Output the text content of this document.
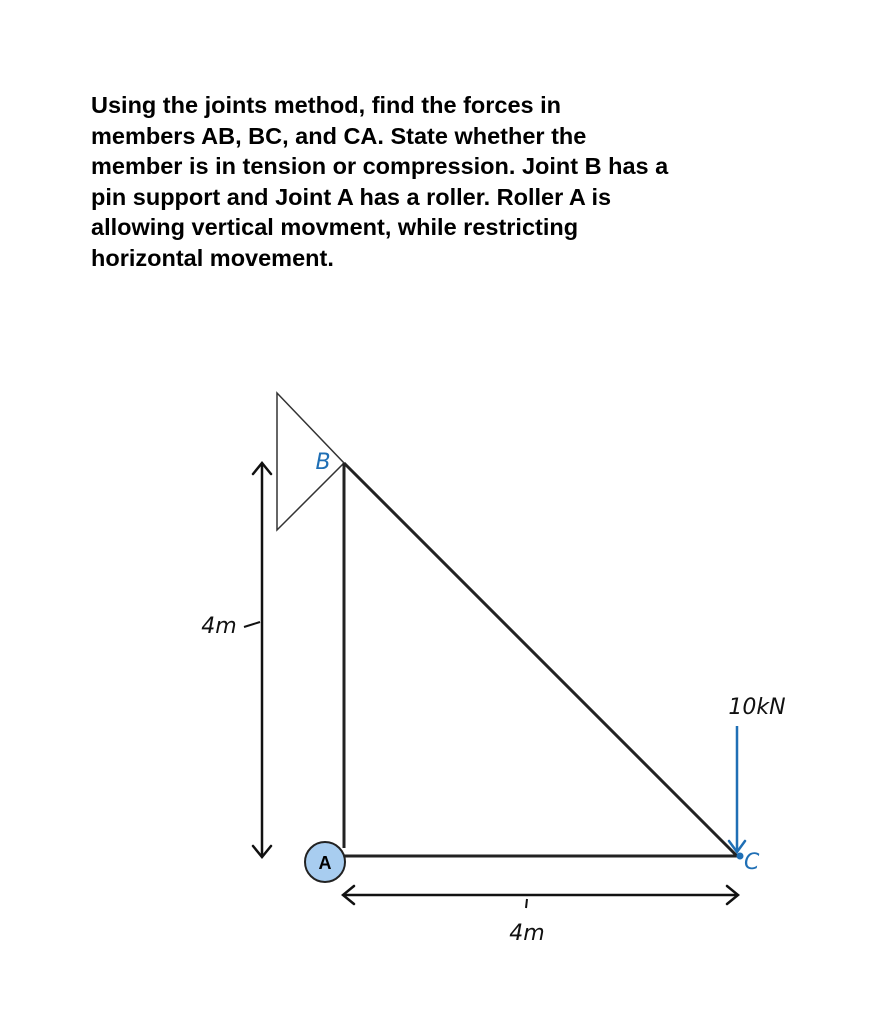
Using the joints method, find the forces in
members AB, BC, and CA. State whether the
member is in tension or compression. Joint B has a
pin support and Joint A has a roller. Roller A is
allowing vertical movment, while restricting
horizontal movement.
A
B
C
10kN
4m
4m
